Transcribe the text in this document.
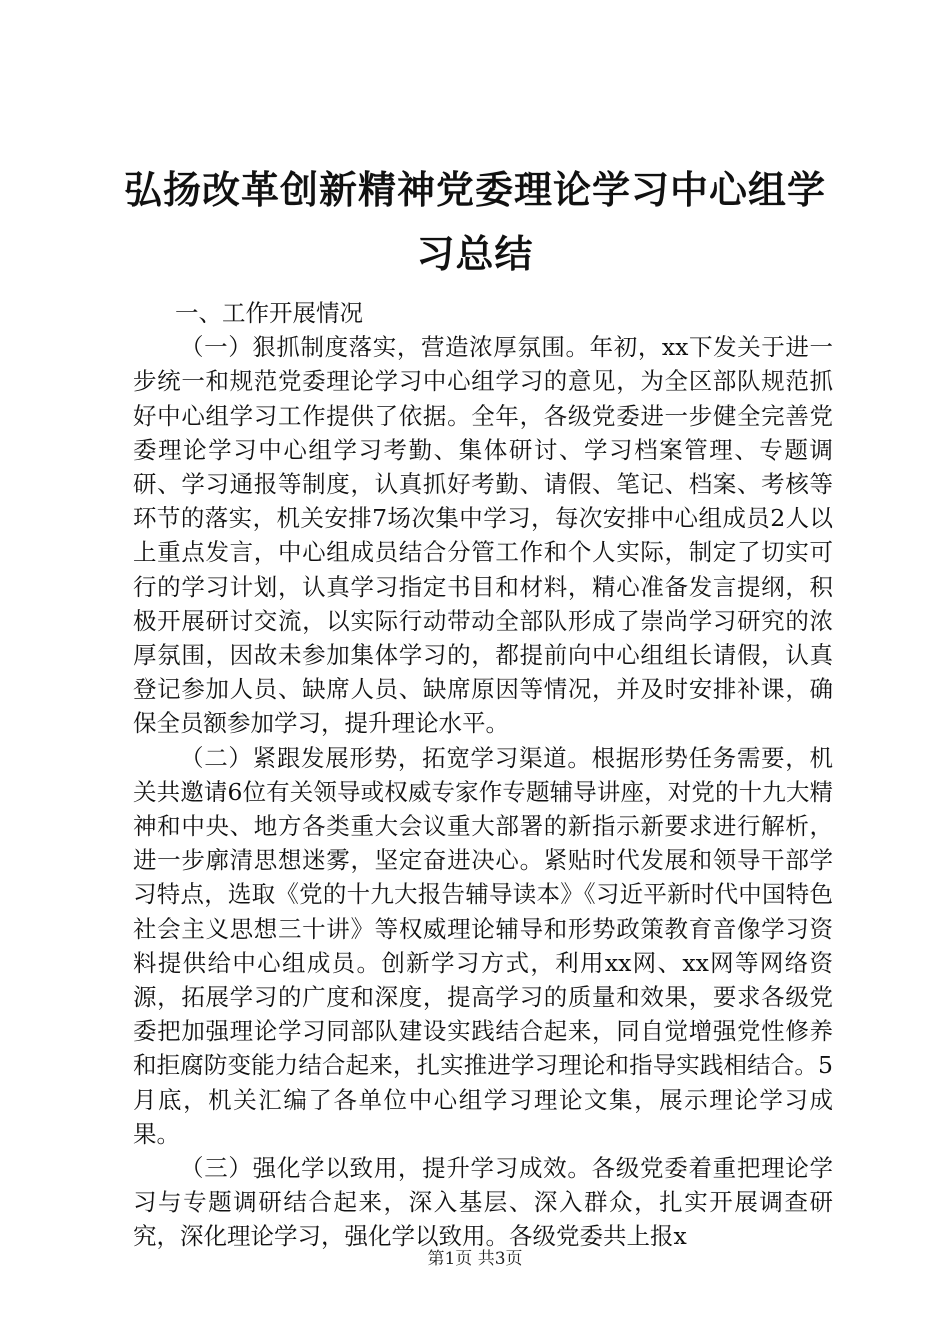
弘扬改革创新精神党委理论学习中心组学习总结

一、工作开展情况

（一）狠抓制度落实，营造浓厚氛围。年初，xx下发关于进一步统一和规范党委理论学习中心组学习的意见，为全区部队规范抓好中心组学习工作提供了依据。全年，各级党委进一步健全完善党委理论学习中心组学习考勤、集体研讨、学习档案管理、专题调研、学习通报等制度，认真抓好考勤、请假、笔记、档案、考核等环节的落实，机关安排7场次集中学习，每次安排中心组成员2人以上重点发言，中心组成员结合分管工作和个人实际，制定了切实可行的学习计划，认真学习指定书目和材料，精心准备发言提纲，积极开展研讨交流，以实际行动带动全部队形成了崇尚学习研究的浓厚氛围，因故未参加集体学习的，都提前向中心组组长请假，认真登记参加人员、缺席人员、缺席原因等情况，并及时安排补课，确保全员额参加学习，提升理论水平。

（二）紧跟发展形势，拓宽学习渠道。根据形势任务需要，机关共邀请6位有关领导或权威专家作专题辅导讲座，对党的十九大精神和中央、地方各类重大会议重大部署的新指示新要求进行解析，进一步廓清思想迷雾，坚定奋进决心。紧贴时代发展和领导干部学习特点，选取《党的十九大报告辅导读本》《习近平新时代中国特色社会主义思想三十讲》等权威理论辅导和形势政策教育音像学习资料提供给中心组成员。创新学习方式，利用xx网、xx网等网络资源，拓展学习的广度和深度，提高学习的质量和效果，要求各级党委把加强理论学习同部队建设实践结合起来，同自觉增强党性修养和拒腐防变能力结合起来，扎实推进学习理论和指导实践相结合。5月底，机关汇编了各单位中心组学习理论文集，展示理论学习成果。

（三）强化学以致用，提升学习成效。各级党委着重把理论学习与专题调研结合起来，深入基层、深入群众，扎实开展调查研究，深化理论学习，强化学以致用。各级党委共上报x

第1页 共3页
